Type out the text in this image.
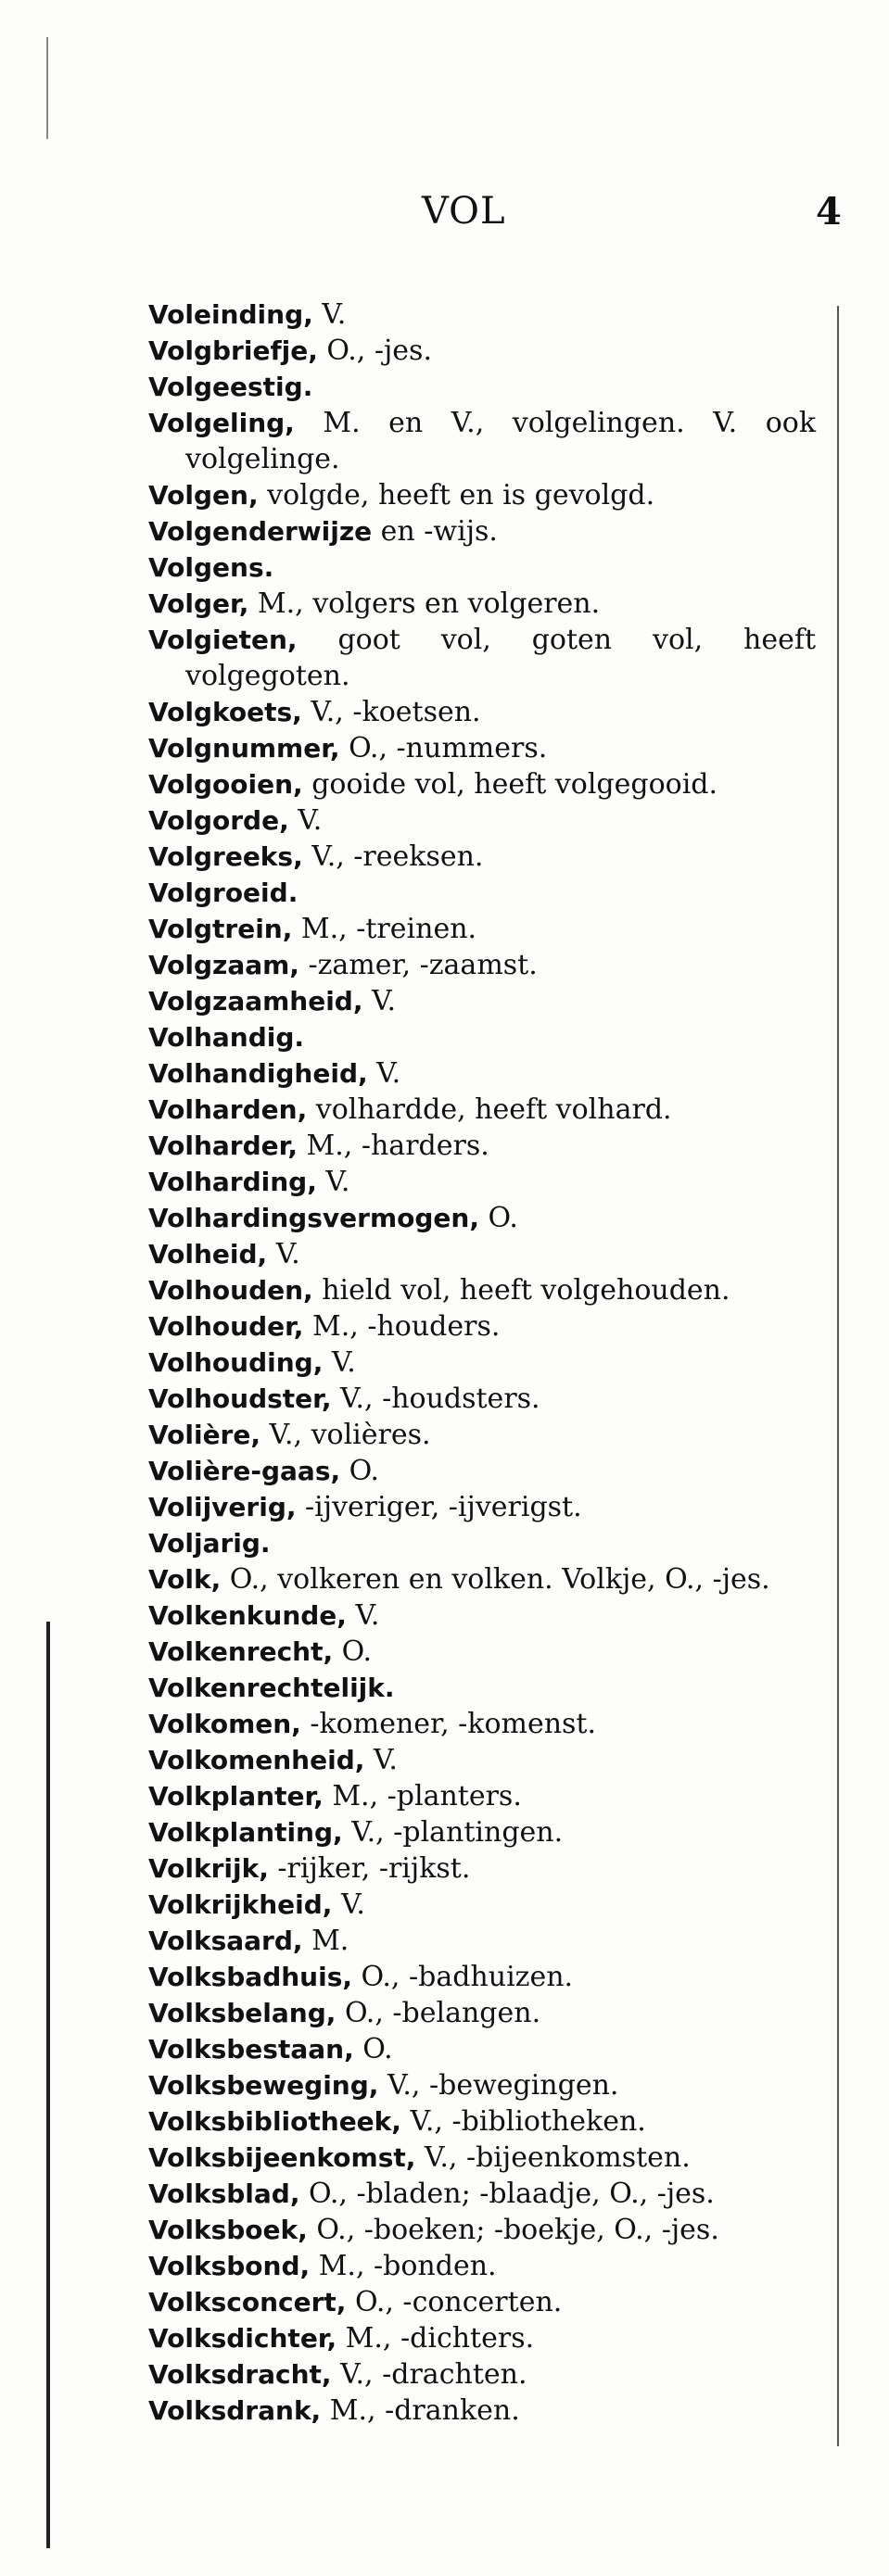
VOL	4
Voleinding, V.
Volgbriefje, O., -jes.
Volgeestig.
Volgeling, M. en V., volgelingen. V. ook volgelinge.
Volgen, volgde, heeft en is gevolgd.
Volgenderwijze en -wijs.
Volgens.
Volger, M., volgers en volgeren.
Volgieten, goot vol, goten vol, heeft volgegoten.
Volgkoets, V., -koetsen.
Volgnummer, O., -nummers.
Volgooien, gooide vol, heeft volgegooid.
Volgorde, V.
Volgreeks, V., -reeksen.
Volgroeid.
Volgtrein, M., -treinen.
Volgzaam, -zamer, -zaamst.
Volgzaamheid, V.
Volhandig.
Volhandigheid, V.
Volharden, volhardde, heeft volhard.
Volharder, M., -harders.
Volharding, V.
Volhardingsvermogen, O.
Volheid, V.
Volhouden, hield vol, heeft volgehouden.
Volhouder, M., -houders.
Volhouding, V.
Volhoudster, V., -houdsters.
Volière, V., volières.
Volière-gaas, O.
Volijverig, -ijveriger, -ijverigst.
Voljarig.
Volk, O., volkeren en volken. Volkje, O., -jes.
Volkenkunde, V.
Volkenrecht, O.
Volkenrechtelijk.
Volkomen, -komener, -komenst.
Volkomenheid, V.
Volkplanter, M., -planters.
Volkplanting, V., -plantingen.
Volkrijk, -rijker, -rijkst.
Volkrijkheid, V.
Volksaard, M.
Volksbadhuis, O., -badhuizen.
Volksbelang, O., -belangen.
Volksbestaan, O.
Volksbeweging, V., -bewegingen.
Volksbibliotheek, V., -bibliotheken.
Volksbijeenkomst, V., -bijeenkomsten.
Volksblad, O., -bladen; -blaadje, O., -jes.
Volksboek, O., -boeken; -boekje, O., -jes.
Volksbond, M., -bonden.
Volksconcert, O., -concerten.
Volksdichter, M., -dichters.
Volksdracht, V., -drachten.
Volksdrank, M., -dranken.
